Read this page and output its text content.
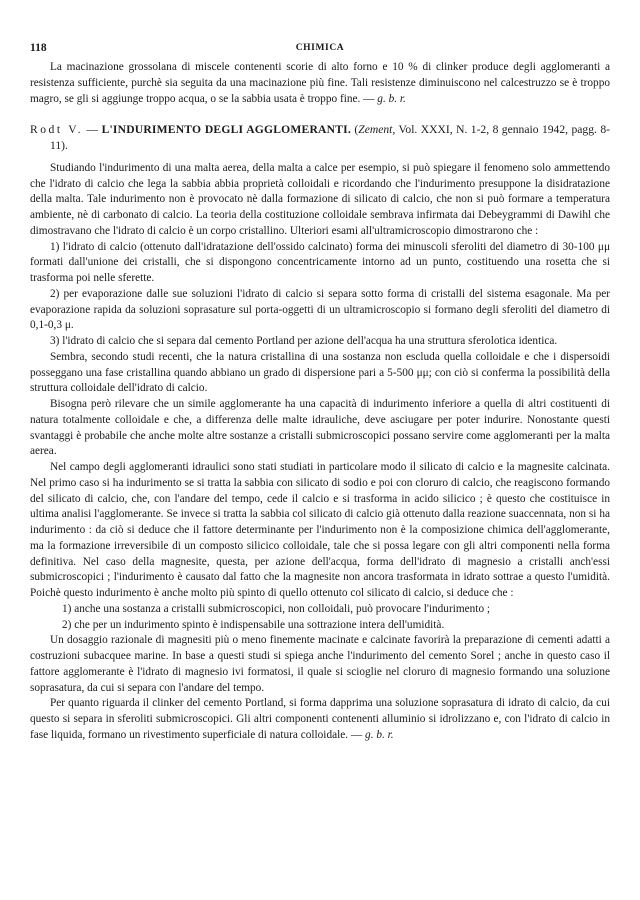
118	CHIMICA

La macinazione grossolana di miscele contenenti scorie di alto forno e 10 % di clinker produce degli agglomeranti a resistenza sufficiente, purchè sia seguita da una macinazione più fine. Tali resistenze diminuiscono nel calcestruzzo se è troppo magro, se gli si aggiunge troppo acqua, o se la sabbia usata è troppo fine. — g. b. r.

Rodt V. — L'INDURIMENTO DEGLI AGGLOMERANTI. (Zement, Vol. XXXI, N. 1-2, 8 gennaio 1942, pagg. 8-11).

Studiando l'indurimento di una malta aerea, della malta a calce per esempio, si può spiegare il fenomeno solo ammettendo che l'idrato di calcio che lega la sabbia abbia proprietà colloidali e ricordando che l'indurimento presuppone la disidratazione della malta. Tale indurimento non è provocato nè dalla formazione di silicato di calcio, che non si può formare a temperatura ambiente, nè di carbonato di calcio. La teoria della costituzione colloidale sembrava infirmata dai Debeygrammi di Dawihl che dimostravano che l'idrato di calcio è un corpo cristallino. Ulteriori esami all'ultramicroscopio dimostrarono che :

1) l'idrato di calcio (ottenuto dall'idratazione dell'ossido calcinato) forma dei minuscoli sferoliti del diametro di 30-100 μμ formati dall'unione dei cristalli, che si dispongono concentricamente intorno ad un punto, costituendo una rosetta che si trasforma poi nelle sferette.

2) per evaporazione dalle sue soluzioni l'idrato di calcio si separa sotto forma di cristalli del sistema esagonale. Ma per evaporazione rapida da soluzioni soprasature sul porta-oggetti di un ultramicroscopio si formano degli sferoliti del diametro di 0,1-0,3 μ.

3) l'idrato di calcio che si separa dal cemento Portland per azione dell'acqua ha una struttura sferolotica identica.

Sembra, secondo studi recenti, che la natura cristallina di una sostanza non escluda quella colloidale e che i dispersoidi posseggano una fase cristallina quando abbiano un grado di dispersione pari a 5-500 μμ; con ciò si conferma la possibilità della struttura colloidale dell'idrato di calcio.

Bisogna però rilevare che un simile agglomerante ha una capacità di indurimento inferiore a quella di altri costituenti di natura totalmente colloidale e che, a differenza delle malte idrauliche, deve asciugare per poter indurire. Nonostante questi svantaggi è probabile che anche molte altre sostanze a cristalli submicroscopici possano servire come agglomeranti per la malta aerea.

Nel campo degli agglomeranti idraulici sono stati studiati in particolare modo il silicato di calcio e la magnesite calcinata. Nel primo caso si ha indurimento se si tratta la sabbia con silicato di sodio e poi con cloruro di calcio, che reagiscono formando del silicato di calcio, che, con l'andare del tempo, cede il calcio e si trasforma in acido silicico ; è questo che costituisce in ultima analisi l'agglomerante. Se invece si tratta la sabbia col silicato di calcio già ottenuto dalla reazione suaccennata, non si ha indurimento : da ciò si deduce che il fattore determinante per l'indurimento non è la composizione chimica dell'agglomerante, ma la formazione irreversibile di un composto silicico colloidale, tale che si possa legare con gli altri componenti nella forma definitiva. Nel caso della magnesite, questa, per azione dell'acqua, forma dell'idrato di magnesio a cristalli anch'essi submicroscopici ; l'indurimento è causato dal fatto che la magnesite non ancora trasformata in idrato sottrae a questo l'umidità. Poichè questo indurimento è anche molto più spinto di quello ottenuto col silicato di calcio, si deduce che :

1) anche una sostanza a cristalli submicroscopici, non colloidali, può provocare l'indurimento ;

2) che per un indurimento spinto è indispensabile una sottrazione intera dell'umidità.

Un dosaggio razionale di magnesiti più o meno finemente macinate e calcinate favorirà la preparazione di cementi adatti a costruzioni subacquee marine. In base a questi studi si spiega anche l'indurimento del cemento Sorel ; anche in questo caso il fattore agglomerante è l'idrato di magnesio ivi formatosi, il quale si scioglie nel cloruro di magnesio formando una soluzione soprasatura, da cui si separa con l'andare del tempo.

Per quanto riguarda il clinker del cemento Portland, si forma dapprima una soluzione soprasatura di idrato di calcio, da cui questo si separa in sferoliti submicroscopici. Gli altri componenti contenenti alluminio si idrolizzano e, con l'idrato di calcio in fase liquida, formano un rivestimento superficiale di natura colloidale. — g. b. r.
